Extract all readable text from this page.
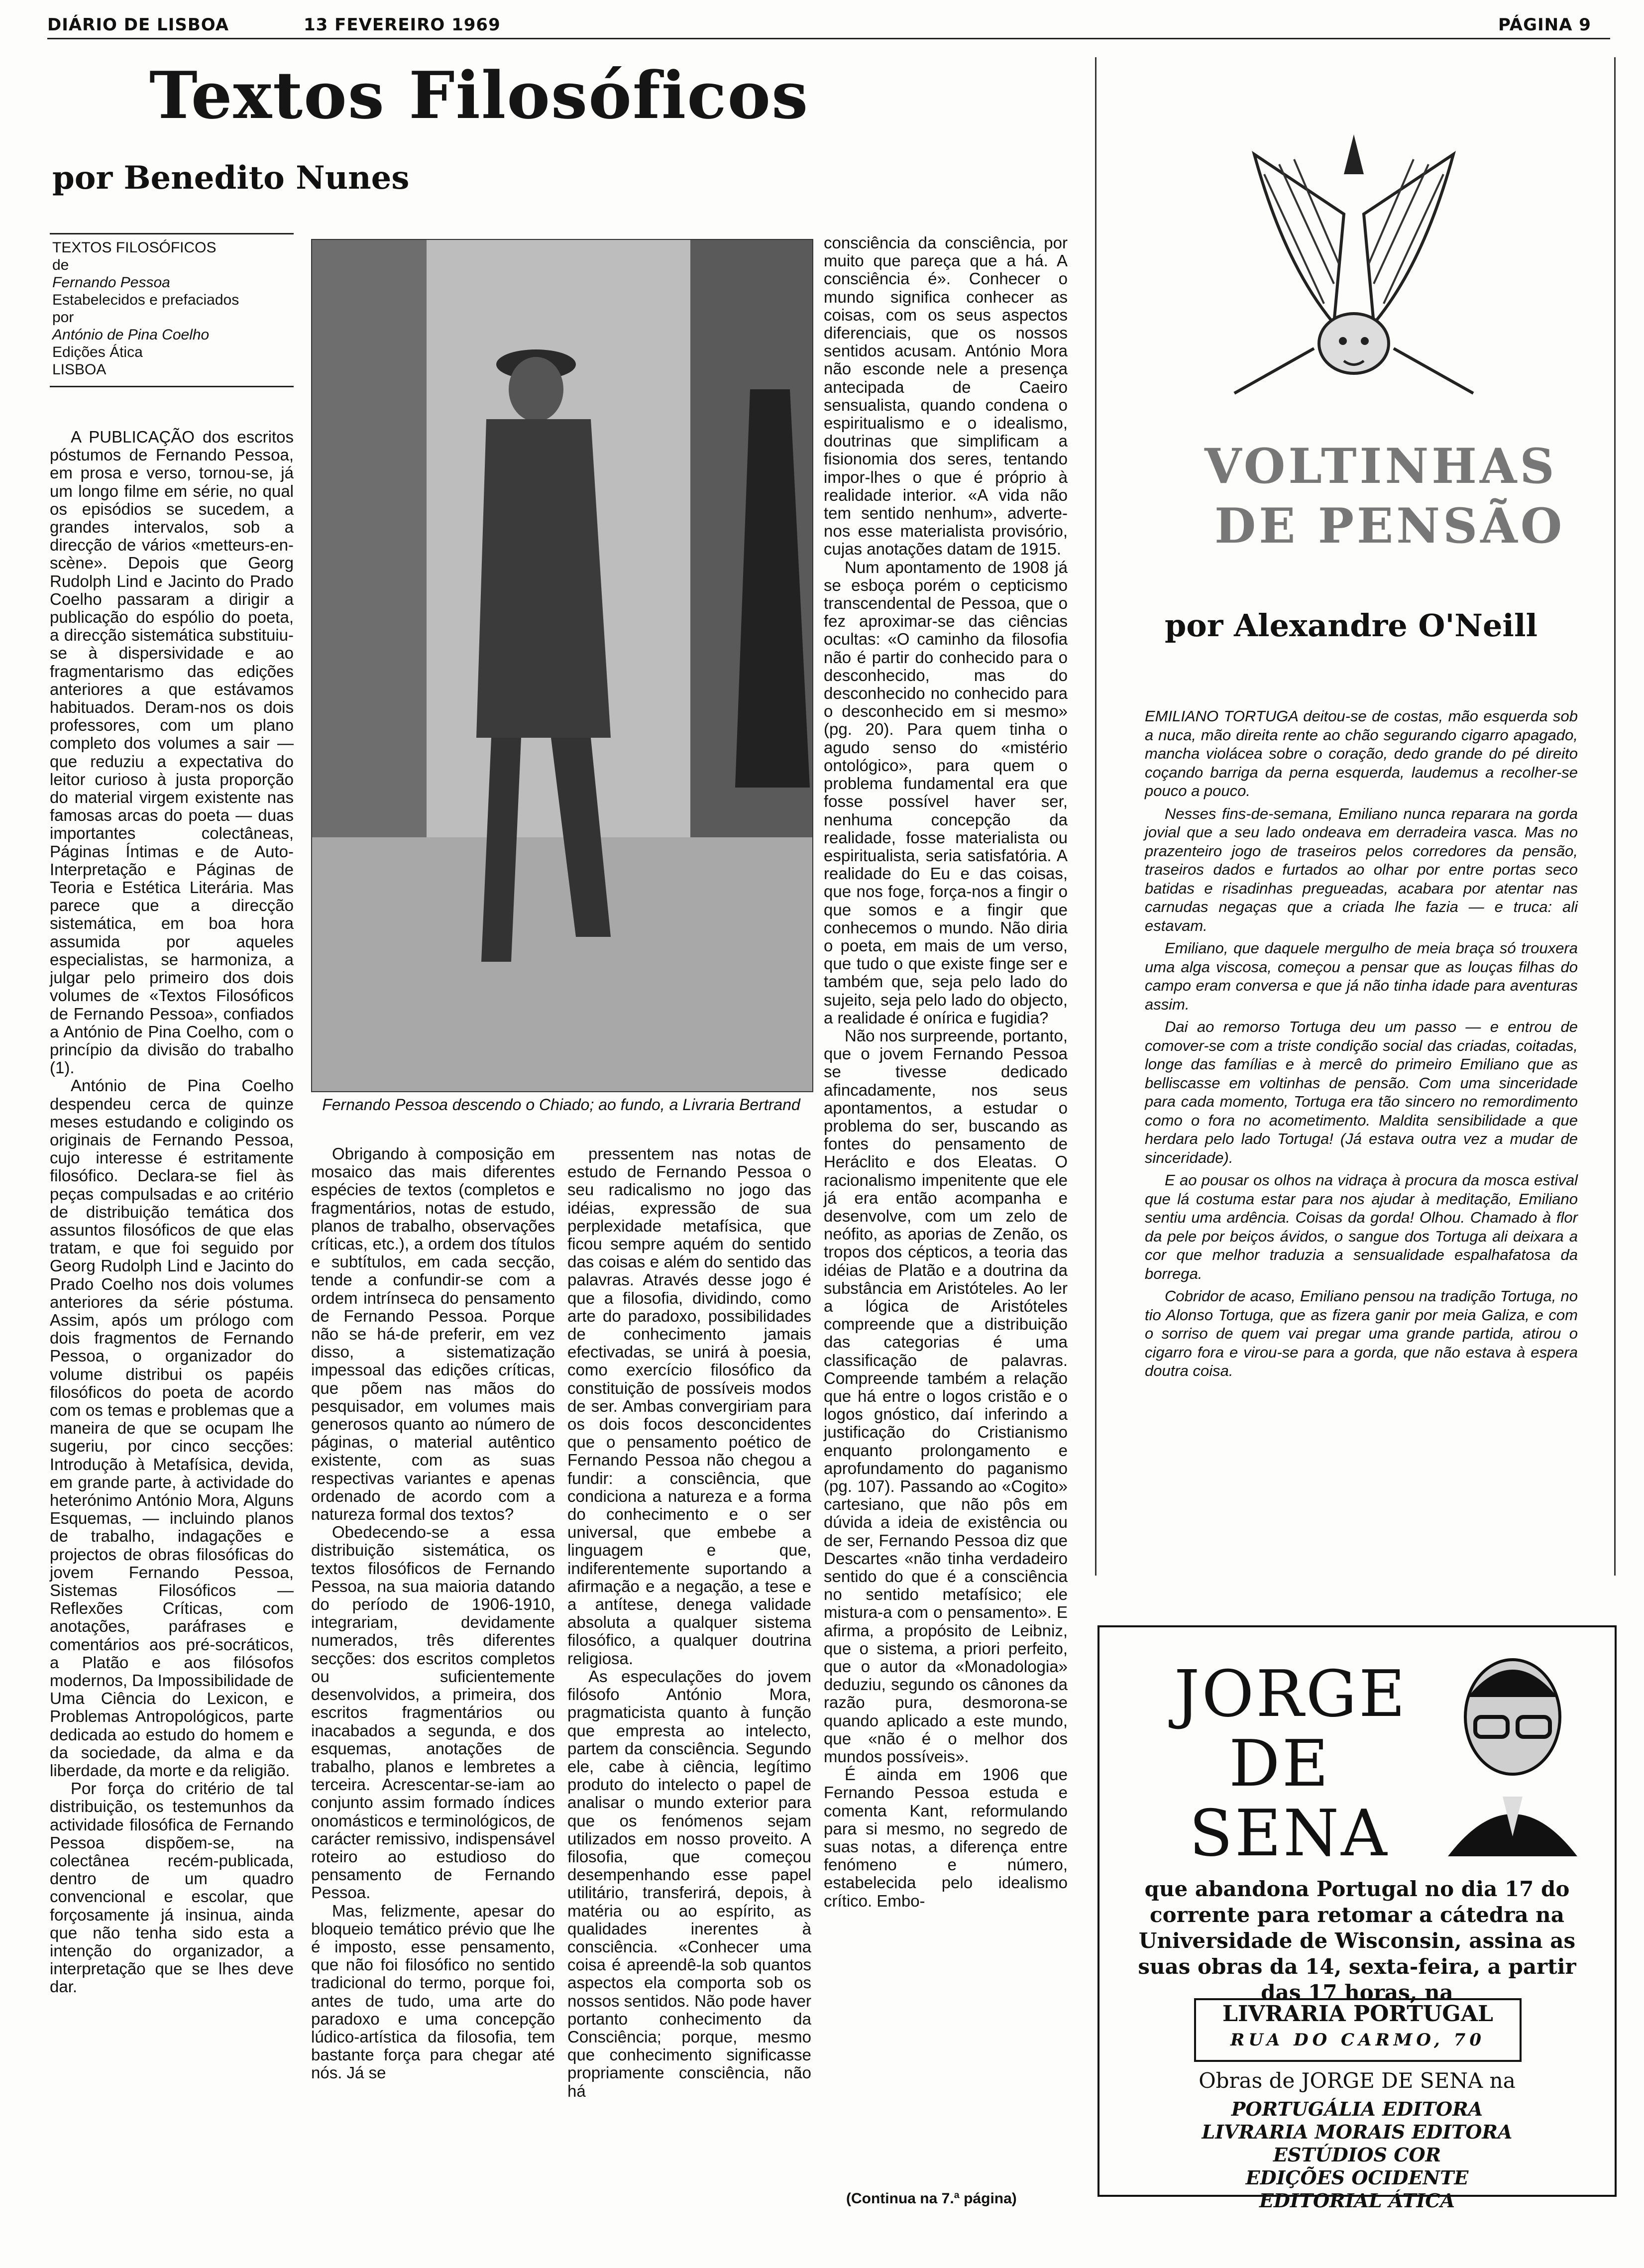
DIÁRIO DE LISBOA	13 FEVEREIRO 1969	PÁGINA 9
Textos Filosóficos
por Benedito Nunes
TEXTOS FILOSÓFICOS
de
Fernando Pessoa
Estabelecidos e prefaciados
por
António de Pina Coelho
Edições Ática
LISBOA

A PUBLICAÇÃO dos escritos póstumos de Fernando Pessoa, em prosa e verso, tornou-se, já um longo filme em série, no qual os episódios se sucedem, a grandes intervalos, sob a direcção de vários «metteurs-en-scène». Depois que Georg Rudolph Lind e Jacinto do Prado Coelho passaram a dirigir a publicação do espólio do poeta, a direcção sistemática substituiu-se à dispersividade e ao fragmentarismo das edições anteriores a que estávamos habituados. Deram-nos os dois professores, com um plano completo dos volumes a sair — que reduziu a expectativa do leitor curioso à justa proporção do material virgem existente nas famosas arcas do poeta — duas importantes colectâneas, Páginas Íntimas e de Auto-Interpretação e Páginas de Teoria e Estética Literária. Mas parece que a direcção sistemática, em boa hora assumida por aqueles especialistas, se harmoniza, a julgar pelo primeiro dos dois volumes de «Textos Filosóficos de Fernando Pessoa», confiados a António de Pina Coelho, com o princípio da divisão do trabalho (1).

António de Pina Coelho despendeu cerca de quinze meses estudando e coligindo os originais de Fernando Pessoa, cujo interesse é estritamente filosófico. Declara-se fiel às peças compulsadas e ao critério de distribuição temática dos assuntos filosóficos de que elas tratam, e que foi seguido por Georg Rudolph Lind e Jacinto do Prado Coelho nos dois volumes anteriores da série póstuma. Assim, após um prólogo com dois fragmentos de Fernando Pessoa, o organizador do volume distribui os papéis filosóficos do poeta de acordo com os temas e problemas que a maneira de que se ocupam lhe sugeriu, por cinco secções: Introdução à Metafísica, devida, em grande parte, à actividade do heterónimo António Mora, Alguns Esquemas, — incluindo planos de trabalho, indagações e projectos de obras filosóficas do jovem Fernando Pessoa, Sistemas Filosóficos — Reflexões Críticas, com anotações, paráfrases e comentários aos pré-socráticos, a Platão e aos filósofos modernos, Da Impossibilidade de Uma Ciência do Lexicon, e Problemas Antropológicos, parte dedicada ao estudo do homem e da sociedade, da alma e da liberdade, da morte e da religião.

Por força do critério de tal distribuição, os testemunhos da actividade filosófica de Fernando Pessoa dispõem-se, na colectânea recém-publicada, dentro de um quadro convencional e escolar, que forçosamente já insinua, ainda que não tenha sido esta a intenção do organizador, a interpretação que se lhes deve dar.

Fernando Pessoa descendo o Chiado; ao fundo, a Livraria Bertrand

Obrigando à composição em mosaico das mais diferentes espécies de textos (completos e fragmentários, notas de estudo, planos de trabalho, observações críticas, etc.), a ordem dos títulos e subtítulos, em cada secção, tende a confundir-se com a ordem intrínseca do pensamento de Fernando Pessoa. Porque não se há-de preferir, em vez disso, a sistematização impessoal das edições críticas, que põem nas mãos do pesquisador, em volumes mais generosos quanto ao número de páginas, o material autêntico existente, com as suas respectivas variantes e apenas ordenado de acordo com a natureza formal dos textos?

Obedecendo-se a essa distribuição sistemática, os textos filosóficos de Fernando Pessoa, na sua maioria datando do período de 1906-1910, integrariam, devidamente numerados, três diferentes secções: dos escritos completos ou suficientemente desenvolvidos, a primeira, dos escritos fragmentários ou inacabados a segunda, e dos esquemas, anotações de trabalho, planos e lembretes a terceira. Acrescentar-se-iam ao conjunto assim formado índices onomásticos e terminológicos, de carácter remissivo, indispensável roteiro ao estudioso do pensamento de Fernando Pessoa.

Mas, felizmente, apesar do bloqueio temático prévio que lhe é imposto, esse pensamento, que não foi filosófico no sentido tradicional do termo, porque foi, antes de tudo, uma arte do paradoxo e uma concepção lúdico-artística da filosofia, tem bastante força para chegar até nós. Já se

pressentem nas notas de estudo de Fernando Pessoa o seu radicalismo no jogo das idéias, expressão de sua perplexidade metafísica, que ficou sempre aquém do sentido das coisas e além do sentido das palavras. Através desse jogo é que a filosofia, dividindo, como arte do paradoxo, possibilidades de conhecimento jamais efectivadas, se unirá à poesia, como exercício filosófico da constituição de possíveis modos de ser. Ambas convergiriam para os dois focos desconcidentes que o pensamento poético de Fernando Pessoa não chegou a fundir: a consciência, que condiciona a natureza e a forma do conhecimento e o ser universal, que embebe a linguagem e que, indiferentemente suportando a afirmação e a negação, a tese e a antítese, denega validade absoluta a qualquer sistema filosófico, a qualquer doutrina religiosa.

As especulações do jovem filósofo António Mora, pragmaticista quanto à função que empresta ao intelecto, partem da consciência. Segundo ele, cabe à ciência, legítimo produto do intelecto o papel de analisar o mundo exterior para que os fenómenos sejam utilizados em nosso proveito. A filosofia, que começou desempenhando esse papel utilitário, transferirá, depois, à matéria ou ao espírito, as qualidades inerentes à consciência. «Conhecer uma coisa é apreendê-la sob quantos aspectos ela comporta sob os nossos sentidos. Não pode haver portanto conhecimento da Consciência; porque, mesmo que conhecimento significasse propriamente consciência, não há

consciência da consciência, por muito que pareça que a há. A consciência é». Conhecer o mundo significa conhecer as coisas, com os seus aspectos diferenciais, que os nossos sentidos acusam. António Mora não esconde nele a presença antecipada de Caeiro sensualista, quando condena o espiritualismo e o idealismo, doutrinas que simplificam a fisionomia dos seres, tentando impor-lhes o que é próprio à realidade interior. «A vida não tem sentido nenhum», adverte-nos esse materialista provisório, cujas anotações datam de 1915.

Num apontamento de 1908 já se esboça porém o cepticismo transcendental de Pessoa, que o fez aproximar-se das ciências ocultas: «O caminho da filosofia não é partir do conhecido para o desconhecido, mas do desconhecido no conhecido para o desconhecido em si mesmo» (pg. 20). Para quem tinha o agudo senso do «mistério ontológico», para quem o problema fundamental era que fosse possível haver ser, nenhuma concepção da realidade, fosse materialista ou espiritualista, seria satisfatória. A realidade do Eu e das coisas, que nos foge, força-nos a fingir o que somos e a fingir que conhecemos o mundo. Não diria o poeta, em mais de um verso, que tudo o que existe finge ser e também que, seja pelo lado do sujeito, seja pelo lado do objecto, a realidade é onírica e fugidia?

Não nos surpreende, portanto, que o jovem Fernando Pessoa se tivesse dedicado afincadamente, nos seus apontamentos, a estudar o problema do ser, buscando as fontes do pensamento de Heráclito e dos Eleatas. O racionalismo impenitente que ele já era então acompanha e desenvolve, com um zelo de neófito, as aporias de Zenão, os tropos dos cépticos, a teoria das idéias de Platão e a doutrina da substância em Aristóteles. Ao ler a lógica de Aristóteles compreende que a distribuição das categorias é uma classificação de palavras. Compreende também a relação que há entre o logos cristão e o logos gnóstico, daí inferindo a justificação do Cristianismo enquanto prolongamento e aprofundamento do paganismo (pg. 107). Passando ao «Cogito» cartesiano, que não pôs em dúvida a ideia de existência ou de ser, Fernando Pessoa diz que Descartes «não tinha verdadeiro sentido do que é a consciência no sentido metafísico; ele mistura-a com o pensamento». E afirma, a propósito de Leibniz, que o sistema, a priori perfeito, que o autor da «Monadologia» deduziu, segundo os cânones da razão pura, desmorona-se quando aplicado a este mundo, que «não é o melhor dos mundos possíveis».

É ainda em 1906 que Fernando Pessoa estuda e comenta Kant, reformulando para si mesmo, no segredo de suas notas, a diferença entre fenómeno e número, estabelecida pelo idealismo crítico. Embo-

(Continua na 7.ª página)
VOLTINHAS
DE PENSÃO
por Alexandre O'Neill

EMILIANO TORTUGA deitou-se de costas, mão esquerda sob a nuca, mão direita rente ao chão segurando cigarro apagado, mancha violácea sobre o coração, dedo grande do pé direito coçando barriga da perna esquerda, laudemus a recolher-se pouco a pouco.

Nesses fins-de-semana, Emiliano nunca reparara na gorda jovial que a seu lado ondeava em derradeira vasca. Mas no prazenteiro jogo de traseiros pelos corredores da pensão, traseiros dados e furtados ao olhar por entre portas seco batidas e risadinhas pregueadas, acabara por atentar nas carnudas negaças que a criada lhe fazia — e truca: ali estavam.

Emiliano, que daquele mergulho de meia braça só trouxera uma alga viscosa, começou a pensar que as louças filhas do campo eram conversa e que já não tinha idade para aventuras assim.

Dai ao remorso Tortuga deu um passo — e entrou de comover-se com a triste condição social das criadas, coitadas, longe das famílias e à mercê do primeiro Emiliano que as belliscasse em voltinhas de pensão. Com uma sinceridade para cada momento, Tortuga era tão sincero no remordimento como o fora no acometimento. Maldita sensibilidade a que herdara pelo lado Tortuga! (Já estava outra vez a mudar de sinceridade).

E ao pousar os olhos na vidraça à procura da mosca estival que lá costuma estar para nos ajudar à meditação, Emiliano sentiu uma ardência. Coisas da gorda! Olhou. Chamado à flor da pele por beiços ávidos, o sangue dos Tortuga ali deixara a cor que melhor traduzia a sensualidade espalhafatosa da borrega.

Cobridor de acaso, Emiliano pensou na tradição Tortuga, no tio Alonso Tortuga, que as fizera ganir por meia Galiza, e com o sorriso de quem vai pregar uma grande partida, atirou o cigarro fora e virou-se para a gorda, que não estava à espera doutra coisa.

JORGE
DE
SENA
que abandona Portugal no dia 17 do corrente para retomar a cátedra na Universidade de Wisconsin, assina as suas obras da 14, sexta-feira, a partir das 17 horas, na
LIVRARIA PORTUGAL
RUA DO CARMO, 70
Obras de JORGE DE SENA na
PORTUGÁLIA EDITORA
LIVRARIA MORAIS EDITORA
ESTÚDIOS COR
EDIÇÕES OCIDENTE
EDITORIAL ÁTICA
